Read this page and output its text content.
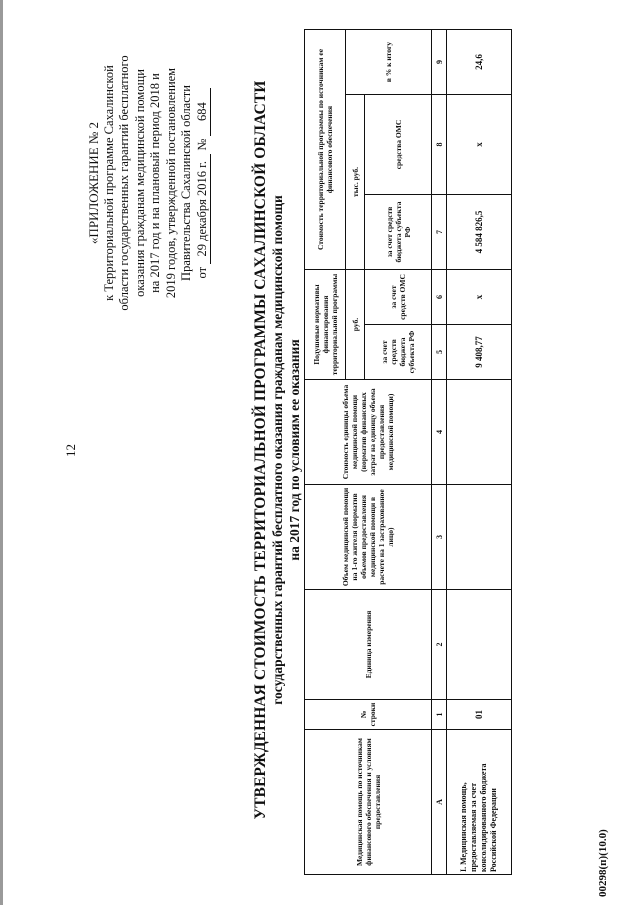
12
«ПРИЛОЖЕНИЕ № 2 к Территориальной программе Сахалинской области государственных гарантий бесплатного оказания гражданам медицинской помощи на 2017 год и на плановый период 2018 и 2019 годов, утвержденной постановлением Правительства Сахалинской области от 29 декабря 2016 г. № 684	УТВЕРЖДЕННАЯ СТОИМОСТЬ ТЕРРИТОРИАЛЬНОЙ ПРОГРАММЫ САХАЛИНСКОЙ ОБЛАСТИ государственных гарантий бесплатного оказания гражданам медицинской помощи на 2017 год по условиям ее оказания
Медицинская помощь по источникам финансового обеспечения и условиям предоставления	№ строки	Единица измерения	Объем медицинской помощи на 1-го жителя (норматив объемов предоставления медицинской помощи в расчете на 1 застрахованное лицо)	Стоимость единицы объема медицинской помощи (норматив финансовых затрат на единицу объема предоставления медицинской помощи)	Подушевые нормативы финансирования территориальной программы		Стоимость территориальной программы по источникам ее финансового обеспечения		
					руб.		тыс. руб.		в % к итогу
					за счет средств бюджета субъекта РФ	за счет средств ОМС	за счет средств бюджета субъекта РФ	средства ОМС	
А	1	2	3	4	5	6	7	8	9
I. Медицинская помощь, предоставляемая за счет консолидированного бюджета Российской Федерации	01				9 408,77	х	4 584 826,5	х	24,6
00298(п)(10.0)
